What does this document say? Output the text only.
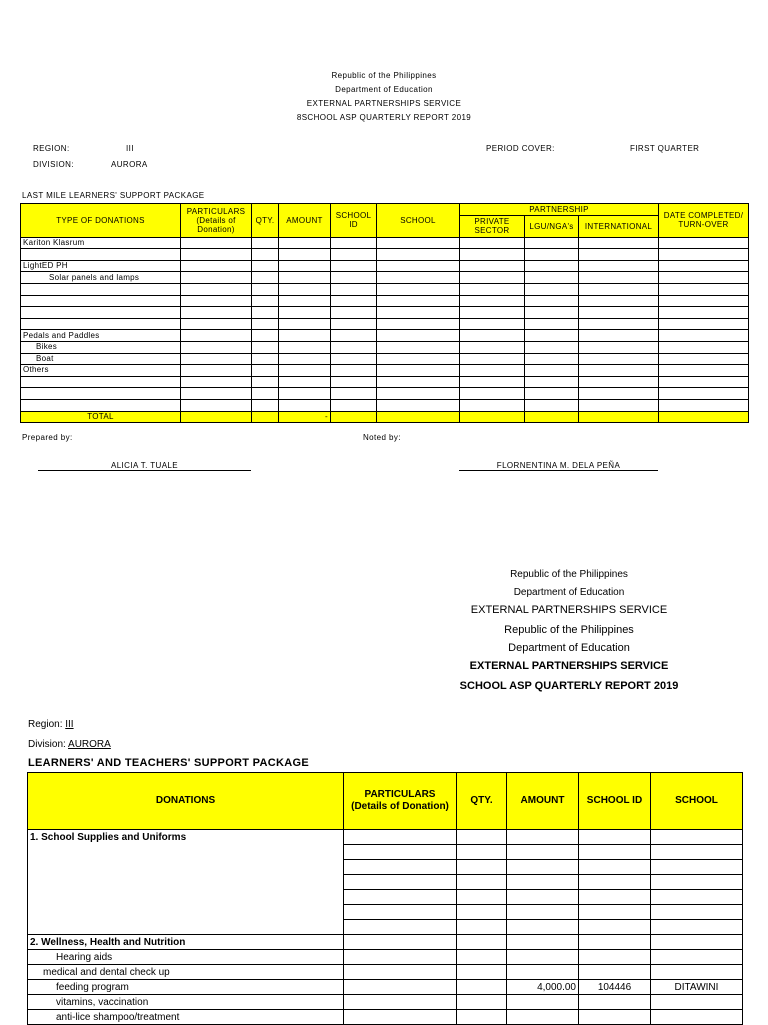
Republic of the Philippines
Department of Education
EXTERNAL PARTNERSHIPS SERVICE
8SCHOOL ASP QUARTERLY REPORT 2019
REGION:	III
DIVISION:	AURORA
PERIOD COVER:	FIRST QUARTER
LAST MILE LEARNERS' SUPPORT PACKAGE
TYPE OF DONATIONS	PARTICULARS (Details of Donation)	QTY.	AMOUNT	SCHOOL ID	SCHOOL	PARTNERSHIP			DATE COMPLETED/ TURN-OVER
						PRIVATE SECTOR	LGU/NGA's	INTERNATIONAL	
Kariton Klasrum									

LightED PH									
Solar panels and lamps									

Pedals and Paddles									
Bikes									
Boat									
Others									

TOTAL			-						
Prepared by:	Noted by:
ALICIA T. TUALE	FLORNENTINA M. DELA PEÑA
Republic of the Philippines
Department of Education
EXTERNAL PARTNERSHIPS SERVICE
Republic of the Philippines
Department of Education
EXTERNAL PARTNERSHIPS SERVICE
SCHOOL ASP QUARTERLY REPORT 2019
Region: III
Division: AURORA
LEARNERS' AND TEACHERS' SUPPORT PACKAGE
DONATIONS	PARTICULARS (Details of Donation)	QTY.	AMOUNT	SCHOOL ID	SCHOOL
1. School Supplies and Uniforms					

2. Wellness, Health and Nutrition					
Hearing aids					
medical and dental check up					
feeding program			4,000.00	104446	DITAWINI
vitamins, vaccination					
anti-lice shampoo/treatment					
